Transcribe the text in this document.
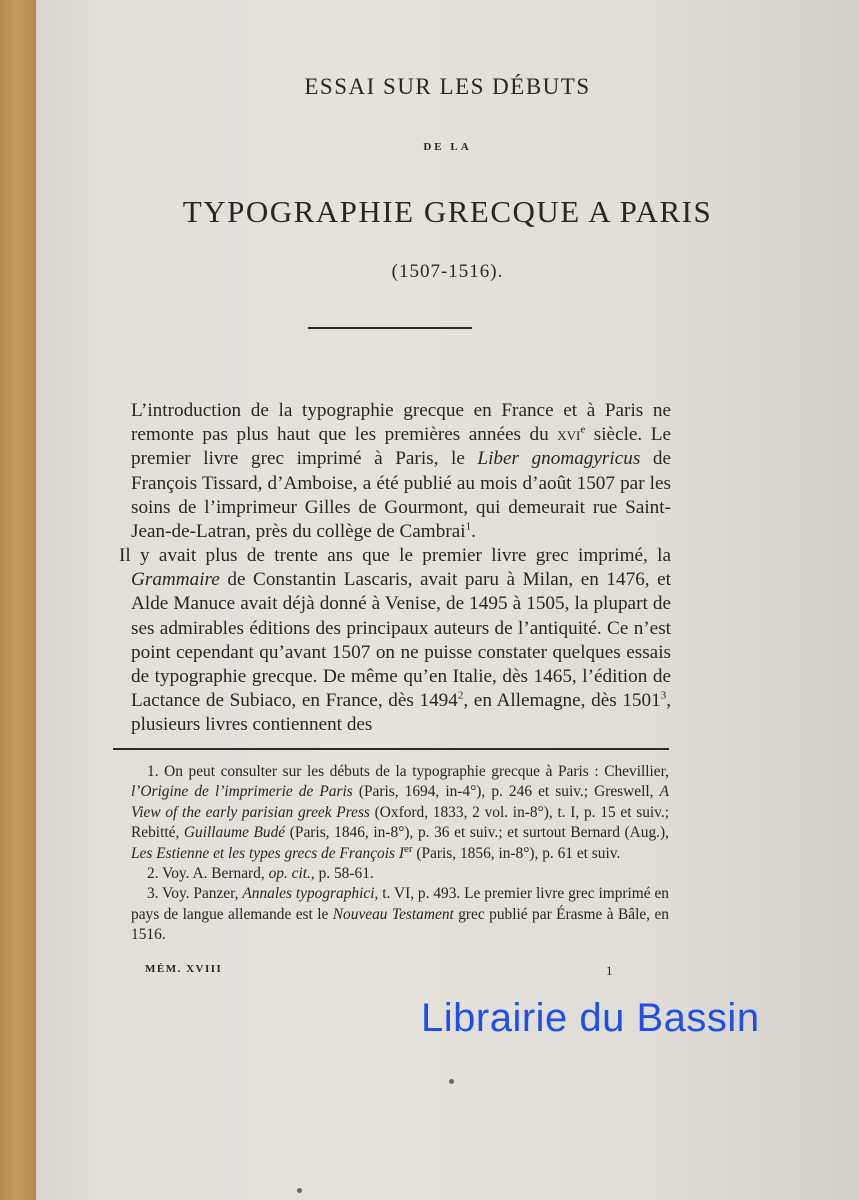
ESSAI SUR LES DÉBUTS
DE LA
TYPOGRAPHIE GRECQUE A PARIS
(1507-1516).
L’introduction de la typographie grecque en France et à Paris ne remonte pas plus haut que les premières années du xvi$^e$ siècle. Le premier livre grec imprimé à Paris, le Liber gnomagyricus de François Tissard, d’Amboise, a été publié au mois d’août 1507 par les soins de l’imprimeur Gilles de Gourmont, qui demeurait rue Saint-Jean-de-Latran, près du collège de Cambrai$^1$.
Il y avait plus de trente ans que le premier livre grec imprimé, la Grammaire de Constantin Lascaris, avait paru à Milan, en 1476, et Alde Manuce avait déjà donné à Venise, de 1495 à 1505, la plupart de ses admirables éditions des principaux auteurs de l’antiquité. Ce n’est point cependant qu’avant 1507 on ne puisse constater quelques essais de typographie grecque. De même qu’en Italie, dès 1465, l’édition de Lactance de Subiaco, en France, dès 1494$^2$, en Allemagne, dès 1501$^3$, plusieurs livres contiennent des

1. On peut consulter sur les débuts de la typographie grecque à Paris : Chevillier, l’Origine de l’imprimerie de Paris (Paris, 1694, in-4°), p. 246 et suiv.; Greswell, A View of the early parisian greek Press (Oxford, 1833, 2 vol. in-8°), t. I, p. 15 et suiv.; Rebitté, Guillaume Budé (Paris, 1846, in-8°), p. 36 et suiv.; et surtout Bernard (Aug.), Les Estienne et les types grecs de François Ier (Paris, 1856, in-8°), p. 61 et suiv.

2. Voy. A. Bernard, op. cit., p. 58-61.

3. Voy. Panzer, Annales typographici, t. VI, p. 493. Le premier livre grec imprimé en pays de langue allemande est le Nouveau Testament grec publié par Érasme à Bâle, en 1516.

MÉM. XVIII	1
Librairie du Bassin
